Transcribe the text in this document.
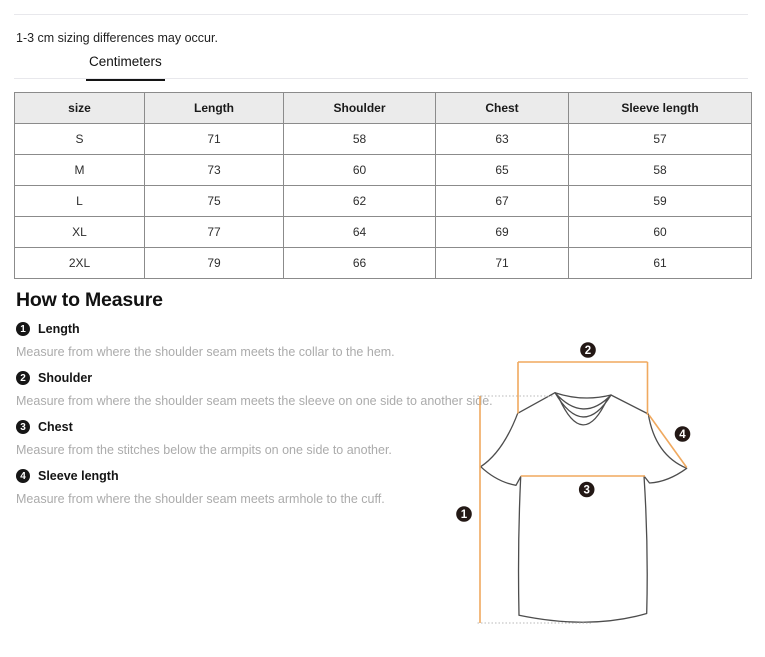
1-3 cm sizing differences may occur.
Centimeters
size	Length	Shoulder	Chest	Sleeve length
S	71	58	63	57
M	73	60	65	58
L	75	62	67	59
XL	77	64	69	60
2XL	79	66	71	61
How to Measure
1 Length
Measure from where the shoulder seam meets the collar to the hem.
2 Shoulder
Measure from where the shoulder seam meets the sleeve on one side to another side.
3 Chest
Measure from the stitches below the armpits on one side to another.
4 Sleeve length
Measure from where the shoulder seam meets armhole to the cuff.
1
2
3
4
